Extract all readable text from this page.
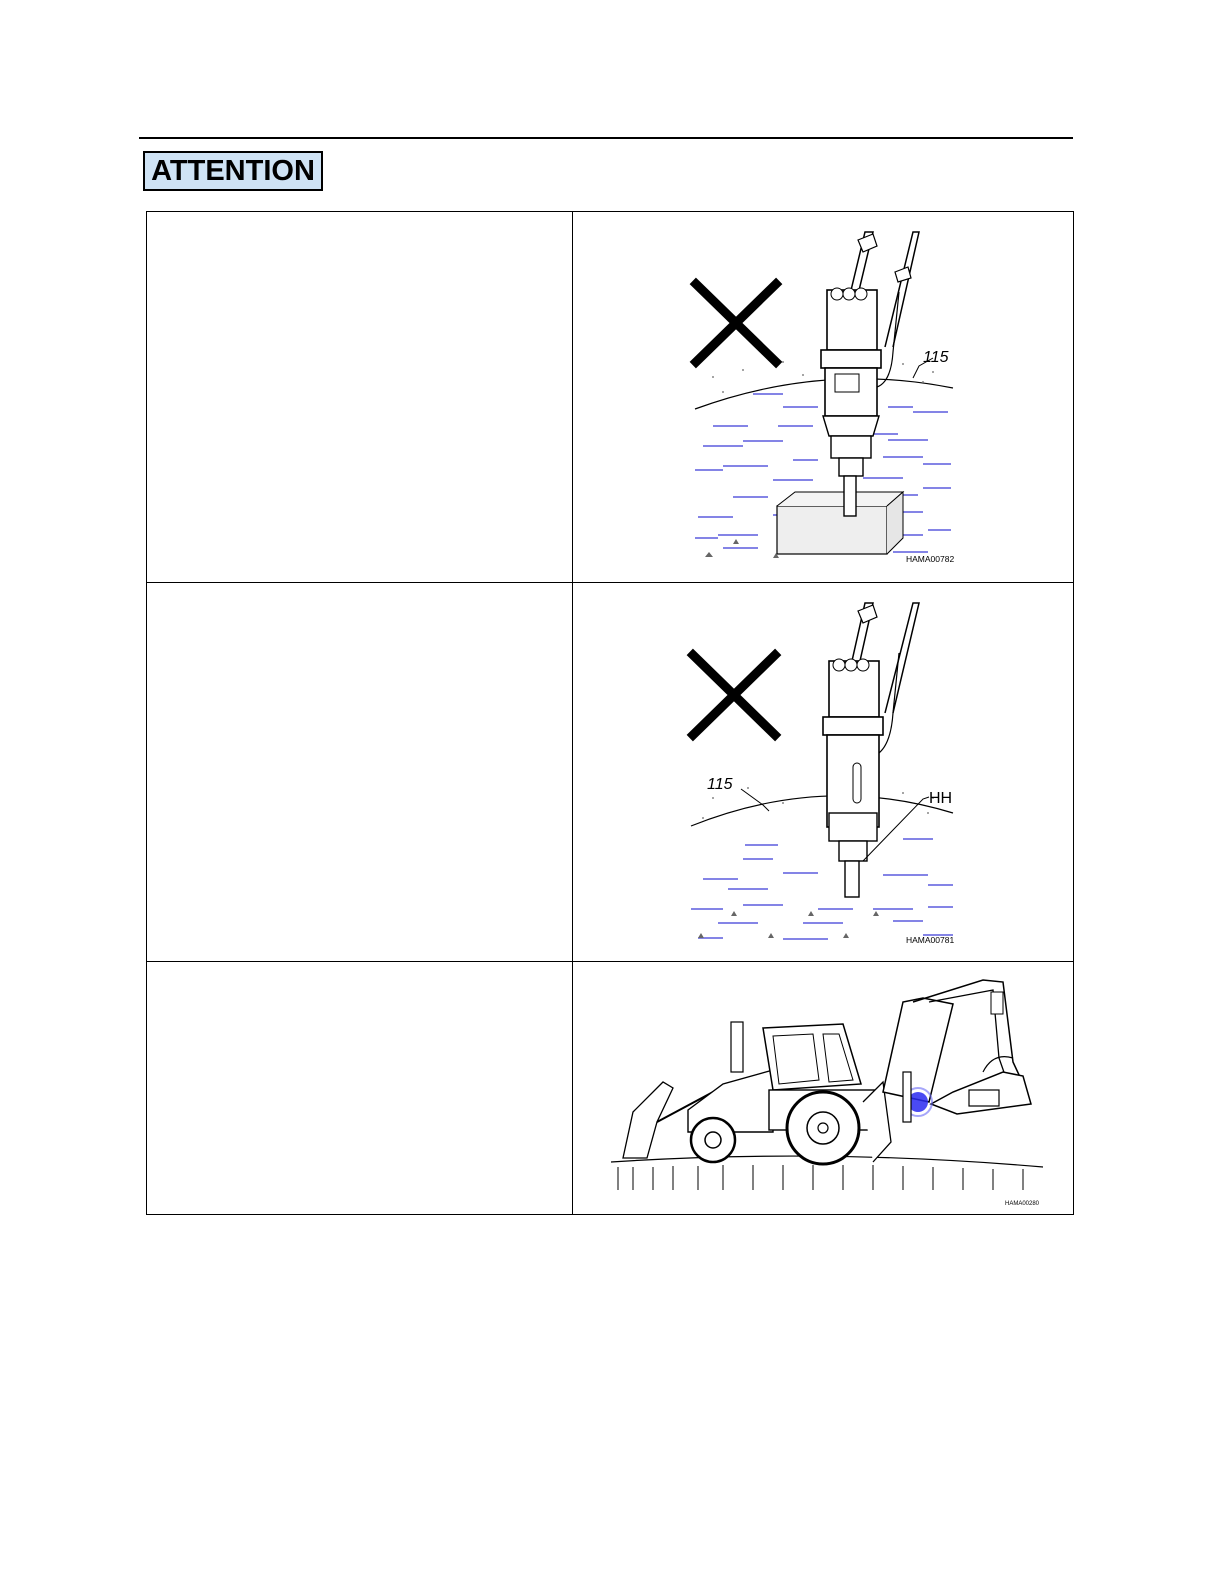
ATTENTION

115
HAMA00782

115
HH
HAMA00781

HAMA00280
